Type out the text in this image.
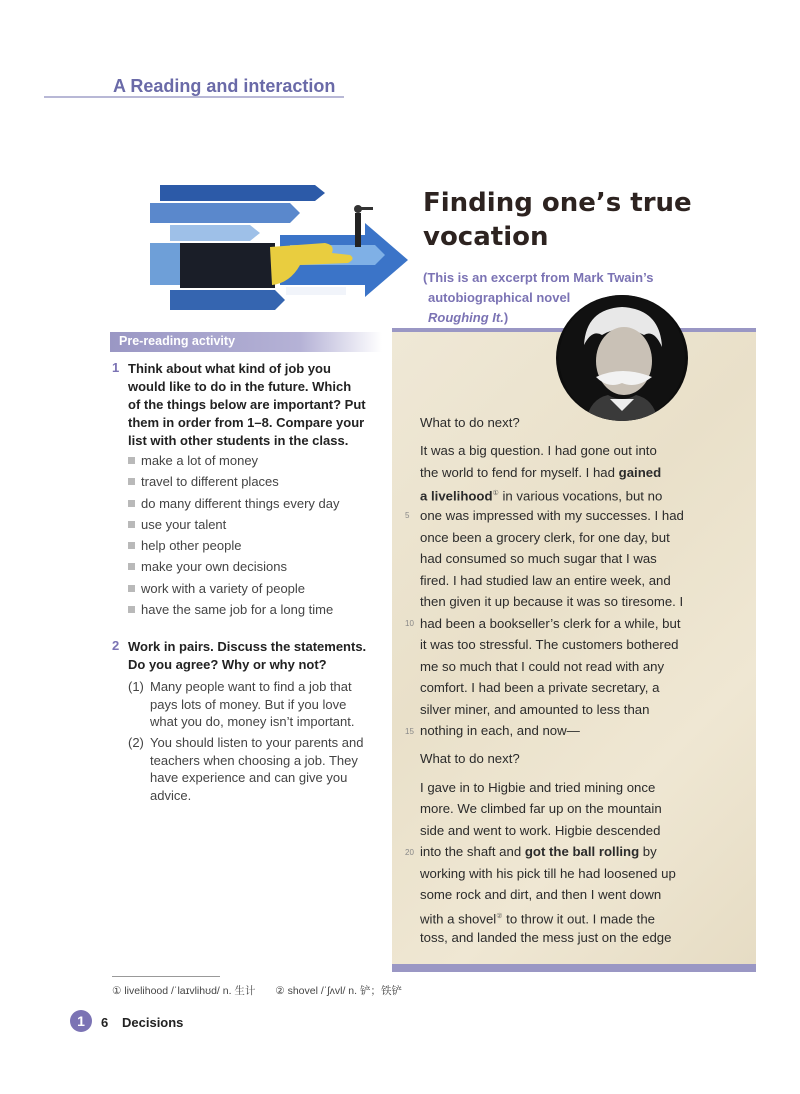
A Reading and interaction
Finding one’s true
vocation
(This is an excerpt from Mark Twain’s
autobiographical novel
Roughing It.)
What to do next?
It was a big question. I had gone out into
the world to fend for myself. I had gained
a livelihood① in various vocations, but no
5 one was impressed with my successes. I had
once been a grocery clerk, for one day, but
had consumed so much sugar that I was
fired. I had studied law an entire week, and
then given it up because it was so tiresome. I
10 had been a bookseller’s clerk for a while, but
it was too stressful. The customers bothered
me so much that I could not read with any
comfort. I had been a private secretary, a
silver miner, and amounted to less than
15 nothing in each, and now—
What to do next?
I gave in to Higbie and tried mining once
more. We climbed far up on the mountain
side and went to work. Higbie descended
20 into the shaft and got the ball rolling by
working with his pick till he had loosened up
some rock and dirt, and then I went down
with a shovel② to throw it out. I made the
toss, and landed the mess just on the edge
Pre-reading activity
1 Think about what kind of job you
would like to do in the future. Which
of the things below are important? Put
them in order from 1–8. Compare your
list with other students in the class.
make a lot of money
travel to different places
do many different things every day
use your talent
help other people
make your own decisions
work with a variety of people
have the same job for a long time
2 Work in pairs. Discuss the statements.
Do you agree? Why or why not?
(1) Many people want to find a job that
pays lots of money. But if you love
what you do, money isn’t important.
(2) You should listen to your parents and
teachers when choosing a job. They
have experience and can give you
advice.
① livelihood /ˈlaɪvlihʊd/ n. 生计 ② shovel /ˈʃʌvl/ n. 铲；铁铲
1	6 Decisions
